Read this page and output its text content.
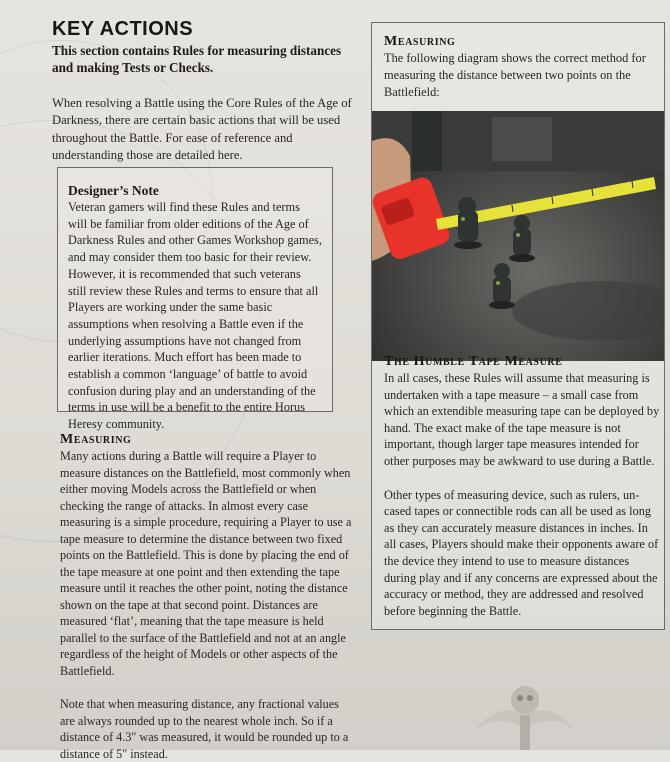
KEY ACTIONS

This section contains Rules for measuring distances and making Tests or Checks.

When resolving a Battle using the Core Rules of the Age of Darkness, there are certain basic actions that will be used throughout the Battle. For ease of reference and understanding those are detailed here.

Designer’s Note

Veteran gamers will find these Rules and terms will be familiar from older editions of the Age of Darkness Rules and other Games Workshop games, and may consider them too basic for their review. However, it is recommended that such veterans still review these Rules and terms to ensure that all Players are working under the same basic assumptions when resolving a Battle even if the underlying assumptions have not changed from earlier iterations. Much effort has been made to establish a common ‘language’ of battle to avoid confusion during play and an understanding of the terms in use will be a benefit to the entire Horus Heresy community.

Measuring

Many actions during a Battle will require a Player to measure distances on the Battlefield, most commonly when either moving Models across the Battlefield or when checking the range of attacks. In almost every case measuring is a simple procedure, requiring a Player to use a tape measure to determine the distance between two fixed points on the Battlefield. This is done by placing the end of the tape measure at one point and then extending the tape measure until it reaches the other point, noting the distance shown on the tape at that second point. Distances are measured ‘flat’, meaning that the tape measure is held parallel to the surface of the Battlefield and not at an angle regardless of the height of Models or other aspects of the Battlefield.

Note that when measuring distance, any fractional values are always rounded up to the nearest whole inch. So if a distance of 4.3" was measured, it would be rounded up to a distance of 5" instead.

Measuring

The following diagram shows the correct method for measuring the distance between two points on the Battlefield:

The Humble Tape Measure

In all cases, these Rules will assume that measuring is undertaken with a tape measure – a small case from which an extendible measuring tape can be deployed by hand. The exact make of the tape measure is not important, though larger tape measures intended for other purposes may be awkward to use during a Battle.

Other types of measuring device, such as rulers, un-cased tapes or connectible rods can all be used as long as they can accurately measure distances in inches. In all cases, Players should make their opponents aware of the device they intend to use to measure distances during play and if any concerns are expressed about the accuracy or method, they are addressed and resolved before beginning the Battle.
